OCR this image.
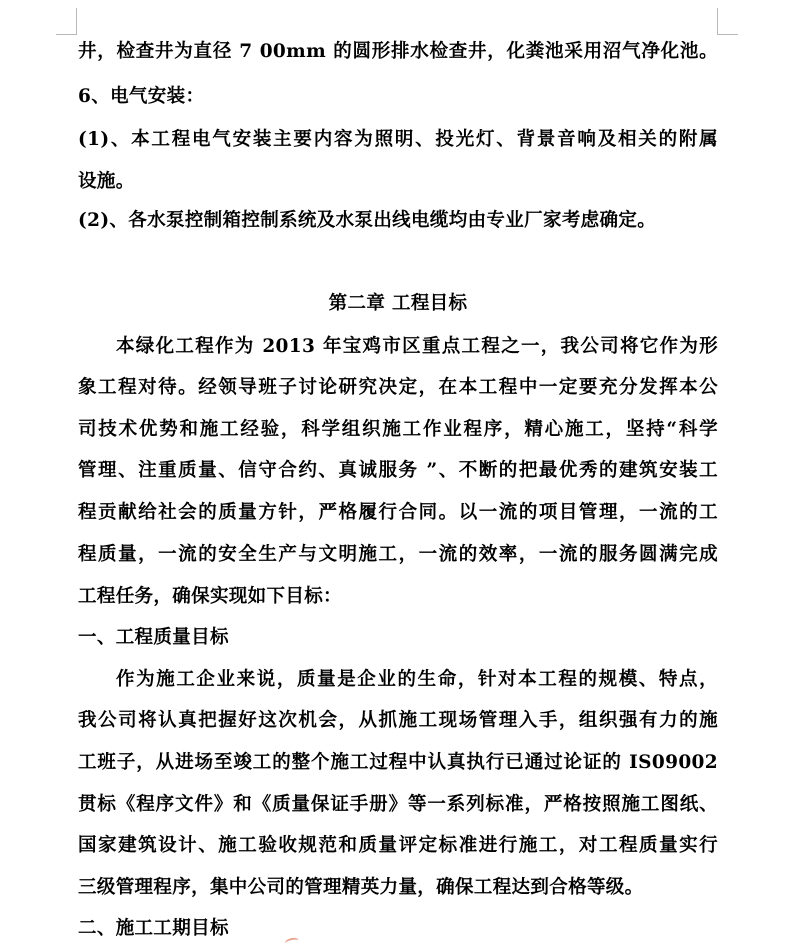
井，检查井为直径 7 00mm 的圆形排水检查井，化粪池采用沼气净化池。
6、电气安装：
(1)、本工程电气安装主要内容为照明、投光灯、背景音响及相关的附属
设施。
(2)、各水泵控制箱控制系统及水泵出线电缆均由专业厂家考虑确定。
第二章 工程目标
本绿化工程作为 2013 年宝鸡市区重点工程之一，我公司将它作为形
象工程对待。经领导班子讨论研究决定，在本工程中一定要充分发挥本公
司技术优势和施工经验，科学组织施工作业程序，精心施工，坚持“科学
管理、注重质量、信守合约、真诚服务 ”、不断的把最优秀的建筑安装工
程贡献给社会的质量方针，严格履行合同。以一流的项目管理，一流的工
程质量，一流的安全生产与文明施工，一流的效率，一流的服务圆满完成
工程任务，确保实现如下目标：
一、工程质量目标
作为施工企业来说，质量是企业的生命，针对本工程的规模、特点，
我公司将认真把握好这次机会，从抓施工现场管理入手，组织强有力的施
工班子，从进场至竣工的整个施工过程中认真执行已通过论证的 IS09002
贯标《程序文件》和《质量保证手册》等一系列标准，严格按照施工图纸、
国家建筑设计、施工验收规范和质量评定标准进行施工，对工程质量实行
三级管理程序，集中公司的管理精英力量，确保工程达到合格等级。
二、施工工期目标
